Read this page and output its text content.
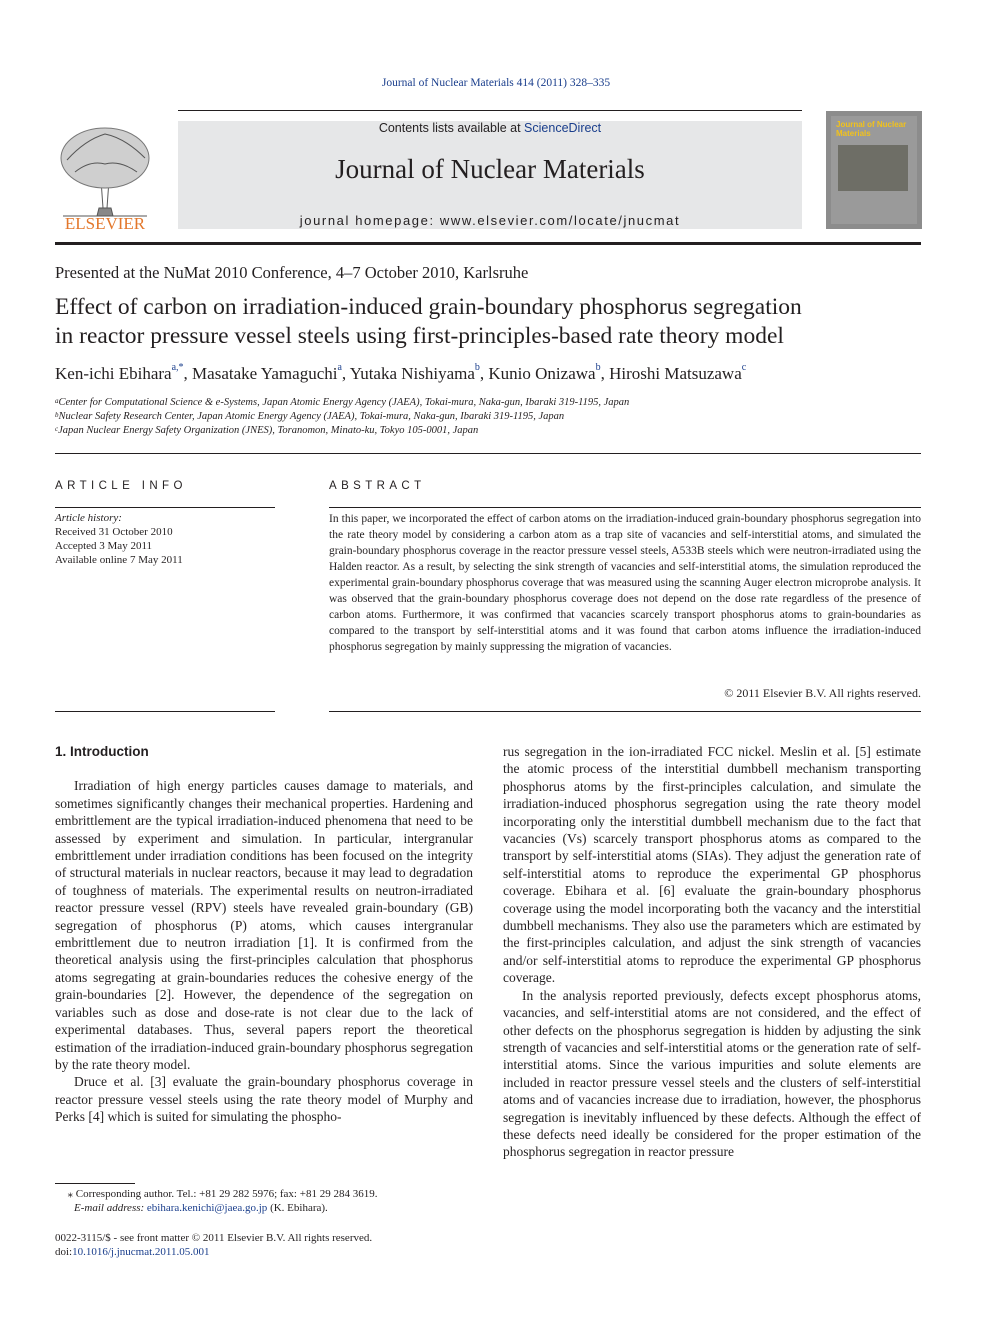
Journal of Nuclear Materials 414 (2011) 328–335
ELSEVIER
Contents lists available at ScienceDirect
Journal of Nuclear Materials
journal homepage: www.elsevier.com/locate/jnucmat
Journal of Nuclear Materials
Presented at the NuMat 2010 Conference, 4–7 October 2010, Karlsruhe
Effect of carbon on irradiation-induced grain-boundary phosphorus segregation
in reactor pressure vessel steels using first-principles-based rate theory model
Ken-ichi Ebihara$^{a,*}$, Masatake Yamaguchi$^a$, Yutaka Nishiyama$^b$, Kunio Onizawa$^b$, Hiroshi Matsuzawa$^c$
$^a$Center for Computational Science & e-Systems, Japan Atomic Energy Agency (JAEA), Tokai-mura, Naka-gun, Ibaraki 319-1195, Japan
$^b$Nuclear Safety Research Center, Japan Atomic Energy Agency (JAEA), Tokai-mura, Naka-gun, Ibaraki 319-1195, Japan
$^c$Japan Nuclear Energy Safety Organization (JNES), Toranomon, Minato-ku, Tokyo 105-0001, Japan
ARTICLE INFO
Article history:
Received 31 October 2010
Accepted 3 May 2011
Available online 7 May 2011
ABSTRACT
In this paper, we incorporated the effect of carbon atoms on the irradiation-induced grain-boundary phosphorus segregation into the rate theory model by considering a carbon atom as a trap site of vacancies and self-interstitial atoms, and simulated the grain-boundary phosphorus coverage in the reactor pressure vessel steels, A533B steels which were neutron-irradiated using the Halden reactor. As a result, by selecting the sink strength of vacancies and self-interstitial atoms, the simulation reproduced the experimental grain-boundary phosphorus coverage that was measured using the scanning Auger electron microprobe analysis. It was observed that the grain-boundary phosphorus coverage does not depend on the dose rate regardless of the presence of carbon atoms. Furthermore, it was confirmed that vacancies scarcely transport phosphorus atoms to grain-boundaries as compared to the transport by self-interstitial atoms and it was found that carbon atoms influence the irradiation-induced phosphorus segregation by mainly suppressing the migration of vacancies.
© 2011 Elsevier B.V. All rights reserved.
1. Introduction

Irradiation of high energy particles causes damage to materials, and sometimes significantly changes their mechanical properties. Hardening and embrittlement are the typical irradiation-induced phenomena that need to be assessed by experiment and simulation. In particular, intergranular embrittlement under irradiation conditions has been focused on the integrity of structural materials in nuclear reactors, because it may lead to degradation of toughness of materials. The experimental results on neutron-irradiated reactor pressure vessel (RPV) steels have revealed grain-boundary (GB) segregation of phosphorus (P) atoms, which causes intergranular embrittlement due to neutron irradiation [1]. It is confirmed from the theoretical analysis using the first-principles calculation that phosphorus atoms segregating at grain-boundaries reduces the cohesive energy of the grain-boundaries [2]. However, the dependence of the segregation on variables such as dose and dose-rate is not clear due to the lack of experimental databases. Thus, several papers report the theoretical estimation of the irradiation-induced grain-boundary phosphorus segregation by the rate theory model.

Druce et al. [3] evaluate the grain-boundary phosphorus coverage in reactor pressure vessel steels using the rate theory model of Murphy and Perks [4] which is suited for simulating the phospho-

rus segregation in the ion-irradiated FCC nickel. Meslin et al. [5] estimate the atomic process of the interstitial dumbbell mechanism transporting phosphorus atoms by the first-principles calculation, and simulate the irradiation-induced phosphorus segregation using the rate theory model incorporating only the interstitial dumbbell mechanism due to the fact that vacancies (Vs) scarcely transport phosphorus atoms as compared to the transport by self-interstitial atoms (SIAs). They adjust the generation rate of self-interstitial atoms to reproduce the experimental GP phosphorus coverage. Ebihara et al. [6] evaluate the grain-boundary phosphorus coverage using the model incorporating both the vacancy and the interstitial dumbbell mechanisms. They also use the parameters which are estimated by the first-principles calculation, and adjust the sink strength of vacancies and/or self-interstitial atoms to reproduce the experimental GP phosphorus coverage.

In the analysis reported previously, defects except phosphorus atoms, vacancies, and self-interstitial atoms are not considered, and the effect of other defects on the phosphorus segregation is hidden by adjusting the sink strength of vacancies and self-interstitial atoms or the generation rate of self-interstitial atoms. Since the various impurities and solute elements are included in reactor pressure vessel steels and the clusters of self-interstitial atoms and of vacancies increase due to irradiation, however, the phosphorus segregation is inevitably influenced by these defects. Although the effect of these defects need ideally be considered for the proper estimation of the phosphorus segregation in reactor pressure

⁎ Corresponding author. Tel.: +81 29 282 5976; fax: +81 29 284 3619.
E-mail address: ebihara.kenichi@jaea.go.jp (K. Ebihara).
0022-3115/$ - see front matter © 2011 Elsevier B.V. All rights reserved.
doi:10.1016/j.jnucmat.2011.05.001
